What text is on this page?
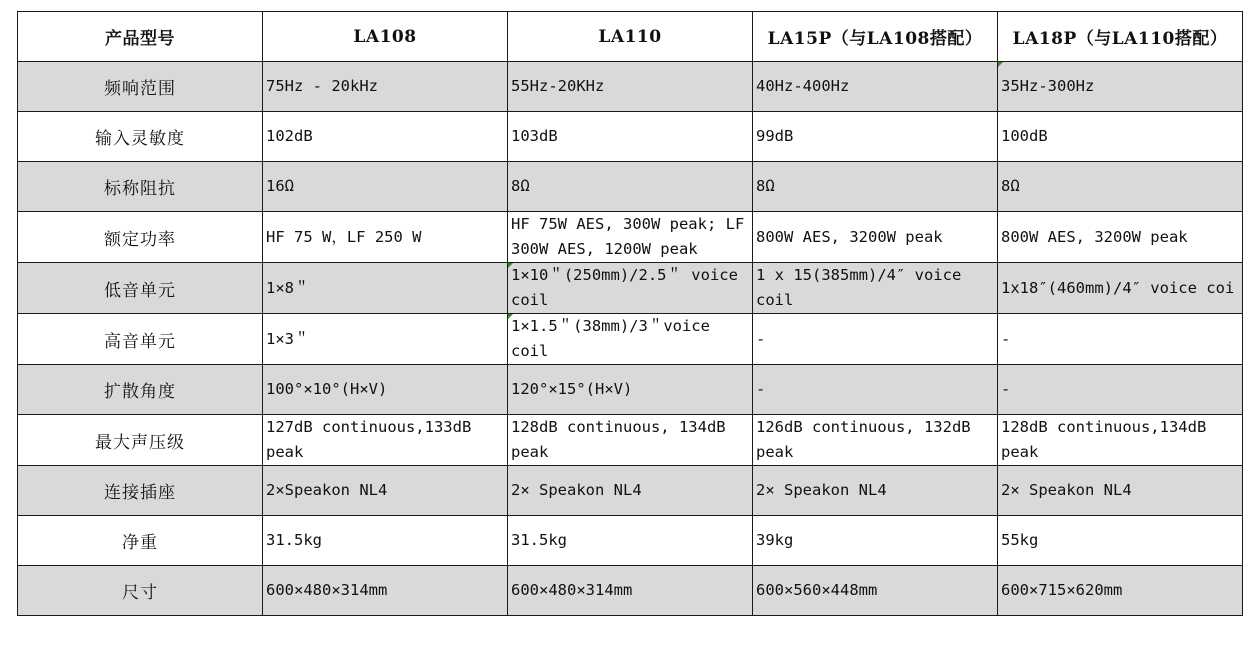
产品型号	LA108	LA110	LA15P（与LA108搭配）	LA18P（与LA110搭配）
频响范围	75Hz - 20kHz	55Hz-20KHz	40Hz-400Hz	35Hz-300Hz
输入灵敏度	102dB	103dB	99dB	100dB
标称阻抗	16Ω	8Ω	8Ω	8Ω
额定功率	HF 75 W，LF 250 W	HF 75W AES, 300W peak; LF 300W AES, 1200W peak	800W AES, 3200W peak	800W AES, 3200W peak
低音单元	1×8＂	1×10＂(250mm)/2.5＂ voice coil	1 x 15(385mm)/4″ voice coil	1x18″(460mm)/4″ voice coi
高音单元	1×3＂	1×1.5＂(38mm)/3＂voice coil	-	-
扩散角度	100°×10°(H×V)	120°×15°(H×V)	-	-
最大声压级	127dB continuous,133dB peak	128dB continuous, 134dB peak	126dB continuous, 132dB peak	128dB continuous,134dB peak
连接插座	2×Speakon NL4	2× Speakon NL4	2× Speakon NL4	2× Speakon NL4
净重	31.5kg	31.5kg	39kg	55kg
尺寸	600×480×314mm	600×480×314mm	600×560×448mm	600×715×620mm
